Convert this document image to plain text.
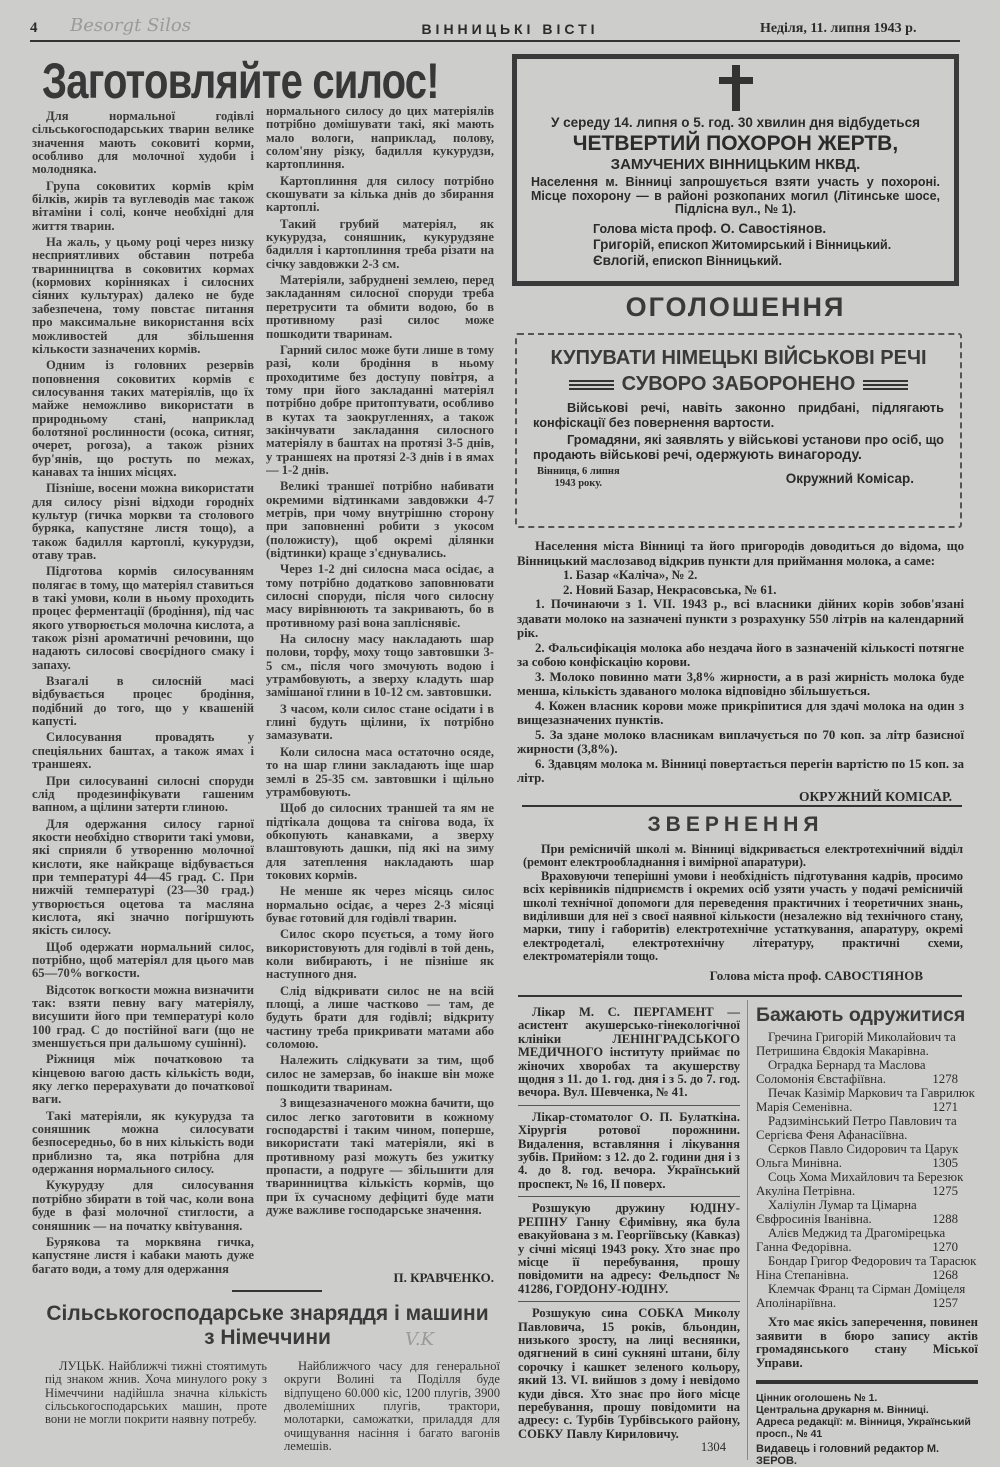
4	ВІННИЦЬКІ ВІСТІ	Неділя, 11. липня 1943 р.
Besorgt Silos
Заготовляйте силос!

Для нормальної годівлі сільськогосподарських тварин велике значення мають соковиті корми, особливо для молочної худоби і молодняка.

Група соковитих кормів крім білків, жирів та вуглеводів має також вітаміни і солі, конче необхідні для життя тварин.

На жаль, у цьому році через низку несприятливих обставин потреба тваринництва в соковитих кормах (кормових корінняках і силосних сіяних культурах) далеко не буде забезпечена, тому повстає питання про максимальне використання всіх можливостей для збільшення кількости зазначених кормів.

Одним із головних резервів поповнення соковитих кормів є силосування таких матеріялів, що їх майже неможливо використати в природньому стані, наприклад болотяної рослинности (осока, ситняг, очерет, рогоза), а також різних бур'янів, що ростуть по межах, канавах та інших місцях.

Пізніше, восени можна використати для силосу різні відходи городніх культур (гичка моркви та столового буряка, капустяне листя тощо), а також бадилля картоплі, кукурудзи, отаву трав.

Підготова кормів силосуванням полягає в тому, що матеріял ставиться в такі умови, коли в ньому проходить процес ферментації (бродіння), під час якого утворюється молочна кислота, а також різні ароматичні речовини, що надають силосові своєрідного смаку і запаху.

Взагалі в силосній масі відбувається процес бродіння, подібний до того, що у квашеній капусті.

Силосування провадять у спеціяльних баштах, а також ямах і траншеях.

При силосуванні силосні споруди слід продезинфікувати гашеним вапном, а щілини затерти глиною.

Для одержання силосу гарної якости необхідно створити такі умови, які сприяли б утворенню молочної кислоти, яке найкраще відбувається при температурі 44—45 град. С. При нижчій температурі (23—30 град.) утворюється оцетова та масляна кислота, які значно погіршують якість силосу.

Щоб одержати нормальний силос, потрібно, щоб матеріял для цього мав 65—70% вогкости.

Відсоток вогкости можна визначити так: взяти певну вагу матеріялу, висушити його при температурі коло 100 град. С до постійної ваги (що не зменшується при дальшому сушінні).

Ріжниця між початковою та кінцевою вагою дасть кількість води, яку легко перерахувати до початкової ваги.

Такі матеріяли, як кукурудза та соняшник можна силосувати безпосередньо, бо в них кількість води приблизно та, яка потрібна для одержання нормального силосу.

Кукурудзу для силосування потрібно збирати в той час, коли вона буде в фазі молочної стиглости, а соняшник — на початку квітування.

Бурякова та морквяна гичка, капустяне листя і кабаки мають дуже багато води, а тому для одержання

нормального силосу до цих матеріялів потрібно домішувати такі, які мають мало вологи, наприклад, полову, солом'яну різку, бадилля кукурудзи, картоплиння.

Картоплиння для силосу потрібно скошувати за кілька днів до збирання картоплі.

Такий грубий матеріял, як кукурудза, соняшник, кукурудзяне бадилля і картоплиння треба різати на січку завдовжки 2-3 см.

Матеріяли, забруднені землею, перед закладанням силосної споруди треба перетрусити та обмити водою, бо в противному разі силос може пошкодити тваринам.

Гарний силос може бути лише в тому разі, коли бродіння в ньому проходитиме без доступу повітря, а тому при його закладанні матеріял потрібно добре притоптувати, особливо в кутах та заокругленнях, а також закінчувати закладання силосного матеріялу в баштах на протязі 3-5 днів, у траншеях на протязі 2-3 днів і в ямах — 1-2 днів.

Великі траншеї потрібно набивати окремими відтинками завдовжки 4-7 метрів, при чому внутрішню сторону при заповненні робити з укосом (положисту), щоб окремі ділянки (відтинки) краще з'єднувались.

Через 1-2 дні силосна маса осідає, а тому потрібно додатково заповнювати силосні споруди, після чого силосну масу вирівнюють та закривають, бо в противному разі вона запліснявіє.

На силосну масу накладають шар полови, торфу, моху тощо завтовшки 3-5 см., після чого змочують водою і утрамбовують, а зверху кладуть шар замішаної глини в 10-12 см. завтовшки.

З часом, коли силос стане осідати і в глині будуть щілини, їх потрібно замазувати.

Коли силосна маса остаточно осяде, то на шар глини закладають іще шар землі в 25-35 см. завтовшки і щільно утрамбовують.

Щоб до силосних траншей та ям не підтікала дощова та снігова вода, їх обкопують канавками, а зверху влаштовують дашки, під які на зиму для затеплення накладають шар токових кормів.

Не менше як через місяць силос нормально осідає, а через 2-3 місяці буває готовий для годівлі тварин.

Силос скоро псується, а тому його використовують для годівлі в той день, коли вибирають, і не пізніше як наступного дня.

Слід відкривати силос не на всій площі, а лише частково — там, де будуть брати для годівлі; відкриту частину треба прикривати матами або соломою.

Належить слідкувати за тим, щоб силос не замерзав, бо інакше він може пошкодити тваринам.

З вищезазначеного можна бачити, що силос легко заготовити в кожному господарстві і таким чином, поперше, використати такі матеріяли, які в противному разі можуть без ужитку пропасти, а подруге — збільшити для тваринництва кількість кормів, що при їх сучасному дефіциті буде мати дуже важливе господарське значення.

П. КРАВЧЕНКО.
Сільськогосподарське знаряддя і машини
з Німеччини	V.K

ЛУЦЬК. Найближчі тижні стоятимуть під знаком жнив. Хоча минулого року з Німеччини надійшла значна кількість сільськогосподарських машин, проте вони не могли покрити наявну потребу.

Найближчого часу для генеральної округи Волині та Поділля буде відпущено 60.000 кіс, 1200 плугів, 3900 дволемішних плугів, трактори, молотарки, саможатки, приладдя для очищування насіння і багато вагонів лемешів.

У середу 14. липня о 5. год. 30 хвилин дня відбудеться
ЧЕТВЕРТИЙ ПОХОРОН ЖЕРТВ,
ЗАМУЧЕНИХ ВІННИЦЬКИМ НКВД.
Населення м. Вінниці запрошується взяти участь у похороні. Місце похорону — в районі розкопаних могил (Літинське шосе, Підлісна вул., № 1).
Голова міста проф. О. Савостіянов.
Григорій, епископ Житомирський і Вінницький.
Євлогій, епископ Вінницький.
ОГОЛОШЕННЯ
КУПУВАТИ НІМЕЦЬКІ ВІЙСЬКОВІ РЕЧІ
СУВОРО ЗАБОРОНЕНО
Військові речі, навіть законно придбані, підлягають конфіскації без повернення вартости.
Громадяни, які заявлять у військові установи про осіб, що продають військові речі, одержують винагороду.
Вінниця, 6 липня
1943 року.	Окружний Комісар.

Населення міста Вінниці та його пригородів доводиться до відома, що Вінницький маслозавод відкрив пункти для приймання молока, а саме:

1. Базар «Каліча», № 2.

2. Новий Базар, Некрасовська, № 61.

1. Починаючи з 1. VII. 1943 р., всі власники дійних корів зобов'язані здавати молоко на зазначені пункти з розрахунку 550 літрів на календарний рік.

2. Фальсифікація молока або нездача його в зазначеній кількості потягне за собою конфіскацію корови.

3. Молоко повинно мати 3,8% жирности, а в разі жирність молока буде менша, кількість здаваного молока відповідно збільшується.

4. Кожен власник корови може прикріпитися для здачі молока на один з вищезазначених пунктів.

5. За здане молоко власникам виплачується по 70 коп. за літр базисної жирности (3,8%).

6. Здавцям молока м. Вінниці повертається перегін вартістю по 15 коп. за літр.

ОКРУЖНИЙ КОМІСАР.
ЗВЕРНЕННЯ

При ремісничій школі м. Вінниці відкривається електротехнічний відділ (ремонт електрообладнання і вимірної апаратури).

Враховуючи теперішні умови і необхідність підготування кадрів, просимо всіх керівників підприємств і окремих осіб узяти участь у подачі ремісничій школі технічної допомоги для переведення практичних і теоретичних знань, виділивши для неї з своєї наявної кількости (незалежно від технічного стану, марки, типу і габоритів) електротехнічне устаткування, апаратуру, окремі електродеталі, електротехнічну літературу, практичні схеми, електроматеріяли тощо.

Голова міста проф. САВОСТІЯНОВ

Лікар М. С. ПЕРГАМЕНТ — асистент акушерсько-гінекологічної клініки ЛЕНІНГРАДСЬКОГО МЕДИЧНОГО інституту приймає по жіночих хворобах та акушерству щодня з 11. до 1. год. дня і з 5. до 7. год. вечора. Вул. Шевченка, № 41.

Лікар-стоматолог О. П. Булаткіна. Хірургія ротової порожнини. Видалення, вставляння і лікування зубів. Прийом: з 12. до 2. години дня і з 4. до 8. год. вечора. Український проспект, № 16, II поверх.

Розшукую дружину ЮДІНУ-РЕПІНУ Ганну Єфимівну, яка була евакуйована з м. Георгіївську (Кавказ) у січні місяці 1943 року. Хто знає про місце її перебування, прошу повідомити на адресу: Фельдпост № 41286, ГОРДОНУ-ЮДІНУ.

Розшукую сина СОБКА Миколу Павловича, 15 років, бльондин, низького зросту, на лиці веснянки, одягнений в сині сукняні штани, білу сорочку і кашкет зеленого кольору, який 13. VI. вийшов з дому і невідомо куди дівся. Хто знає про його місце перебування, прошу повідомити на адресу: с. Турбів Турбівського району, СОБКУ Павлу Кириловичу.

1304
Бажають одружитися

Гречина Григорій Миколайович та Петришина Євдокія Макарівна.

Оградка Бернард та Маслова Соломонія Євстафіївна.	1278

Печак Казімір Маркович та Гаврилюк Марія Семенівна.	1271

Радзимінський Петро Павлович та Сергієва Феня Афанасіївна.

Сєрков Павло Сидорович та Царук Ольга Минівна.	1305

Соць Хома Михайлович та Березюк Акуліна Петрівна.	1275

Халіулін Лумар та Цімарна Євфросинія Іванівна.	1288

Алієв Меджид та Драгомірецька Ганна Федорівна.	1270

Бондар Григор Федорович та Тарасюк Ніна Степанівна.	1268

Клемчак Франц та Сірман Доміцеля Аполінаріївна.	1257

Хто має якісь заперечення, повинен заявити в бюро запису актів громадянського стану Міської Управи.

Цінник оголошень № 1.
Центральна друкарня м. Вінниці.
Адреса редакції: м. Вінниця, Український просп., № 41
Видавець і головний редактор М. ЗЕРОВ.
